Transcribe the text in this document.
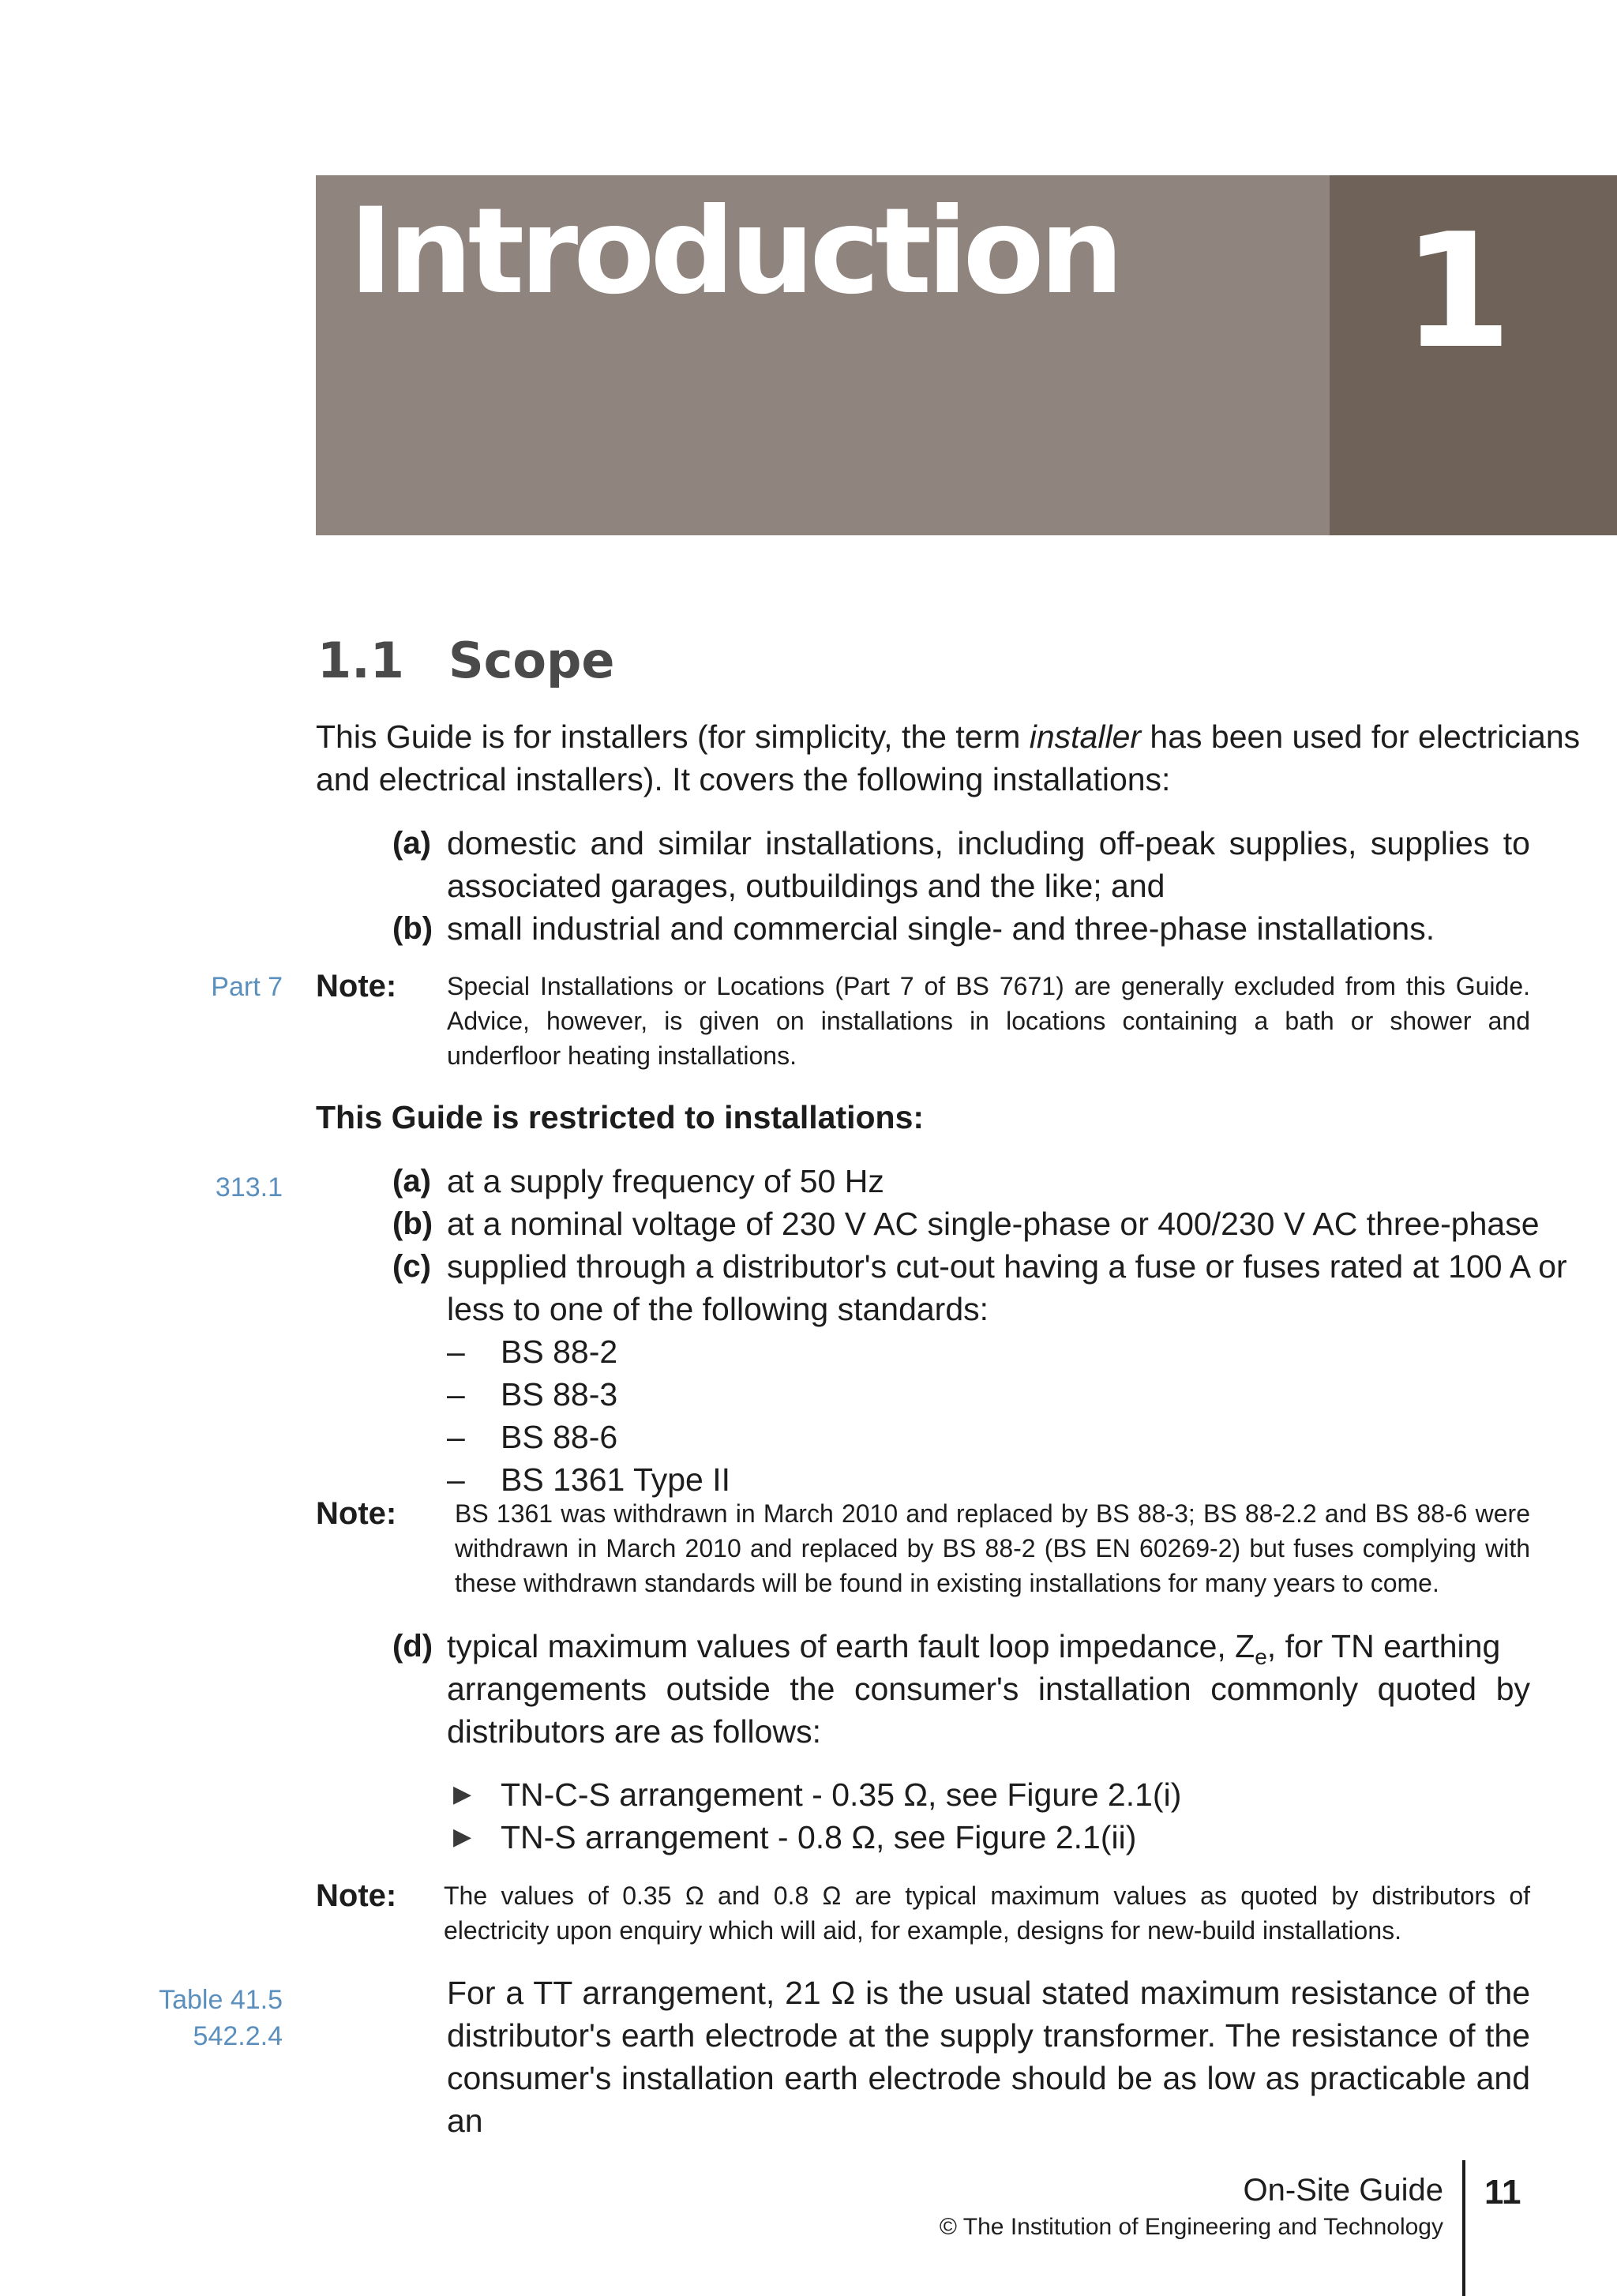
Introduction 1
1.1 Scope
This Guide is for installers (for simplicity, the term installer has been used for electricians
and electrical installers). It covers the following installations:
(a) domestic and similar installations, including off-peak supplies, supplies to
associated garages, outbuildings and the like; and
(b) small industrial and commercial single- and three-phase installations.
Part 7 Note: Special Installations or Locations (Part 7 of BS 7671) are generally excluded from this Guide.
Advice, however, is given on installations in locations containing a bath or shower and
underfloor heating installations.
This Guide is restricted to installations:
313.1	(a) at a supply frequency of 50 Hz
(b) at a nominal voltage of 230 V AC single-phase or 400/230 V AC three-phase
(c) supplied through a distributor's cut-out having a fuse or fuses rated at 100 A or
less to one of the following standards:
– BS 88-2
– BS 88-3
– BS 88-6
– BS 1361 Type II
Note: BS 1361 was withdrawn in March 2010 and replaced by BS 88-3; BS 88-2.2 and BS 88-6 were
withdrawn in March 2010 and replaced by BS 88-2 (BS EN 60269-2) but fuses complying with
these withdrawn standards will be found in existing installations for many years to come.
(d) typical maximum values of earth fault loop impedance, $Z_e$, for TN earthing
arrangements outside the consumer's installation commonly quoted by
distributors are as follows:
▶ TN-C-S arrangement - 0.35 Ω, see Figure 2.1(i)
▶ TN-S arrangement - 0.8 Ω, see Figure 2.1(ii)
Note: The values of 0.35 Ω and 0.8 Ω are typical maximum values as quoted by distributors of
electricity upon enquiry which will aid, for example, designs for new-build installations.
Table 41.5
542.2.4
For a TT arrangement, 21 Ω is the usual stated maximum resistance of the
distributor's earth electrode at the supply transformer. The resistance of the
consumer's installation earth electrode should be as low as practicable and an
On-Site Guide
© The Institution of Engineering and Technology
11
